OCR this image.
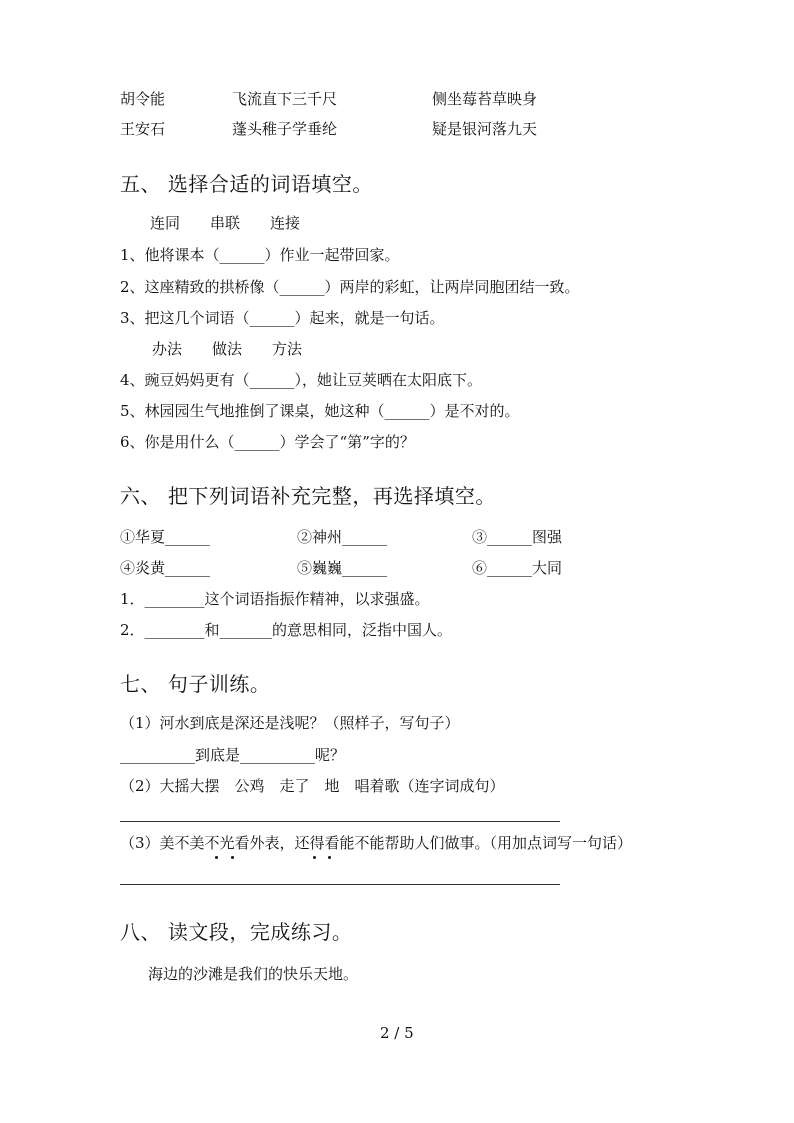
胡令能	飞流直下三千尺	侧坐莓苔草映身
王安石	蓬头稚子学垂纶	疑是银河落九天
五、 选择合适的词语填空。
连同　　串联　　连接
1、他将课本（______）作业一起带回家。
2、这座精致的拱桥像（______）两岸的彩虹，让两岸同胞团结一致。
3、把这几个词语（______）起来，就是一句话。
办法　　做法　　方法
4、豌豆妈妈更有（______），她让豆荚晒在太阳底下。
5、林园园生气地推倒了课桌，她这种（______）是不对的。
6、你是用什么（______）学会了“第”字的？
六、 把下列词语补充完整，再选择填空。
①华夏______	②神州______	③______图强
④炎黄______	⑤巍巍______	⑥______大同
1．________这个词语指振作精神，以求强盛。
2．________和_______的意思相同，泛指中国人。
七、 句子训练。
（1）河水到底是深还是浅呢？（照样子，写句子）
__________到底是__________呢？
（2）大摇大摆　公鸡　走了　地　唱着歌（连字词成句）
（3）美不美不光看外表，还得看能不能帮助人们做事。（用加点词写一句话）
八、 读文段，完成练习。
海边的沙滩是我们的快乐天地。
2 / 5
